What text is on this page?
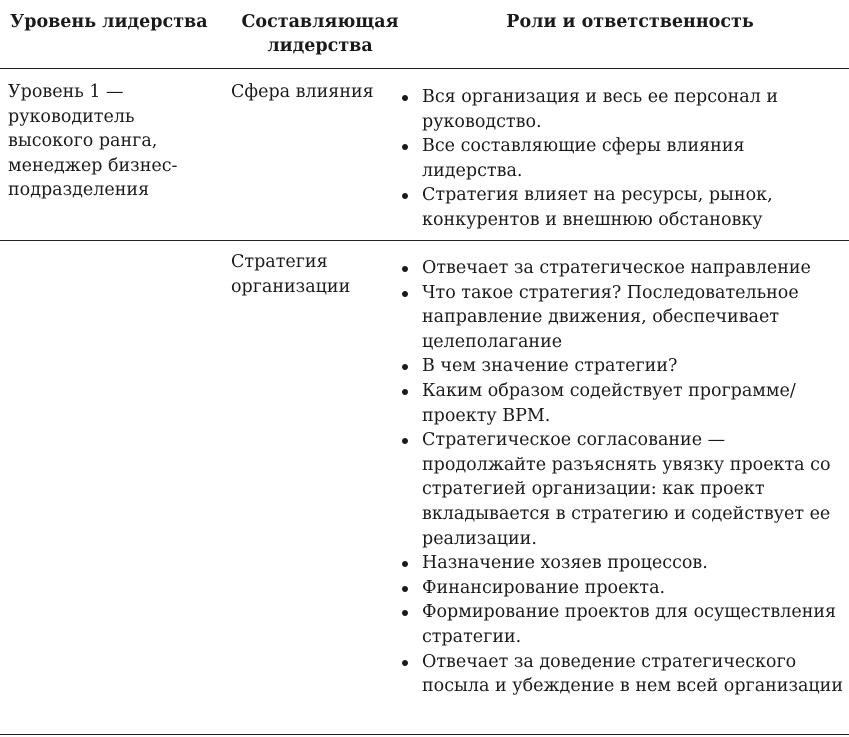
Уровень лидерства	Составляющая
лидерства
Роли и ответственность
Уровень 1 — руководитель высокого ранга, менеджер бизнес-подразделения
Сфера влияния	Вся организация и весь ее персонал и руководство.
Все составляющие сферы влияния лидерства.
Стратегия влияет на ресурсы, рынок, конкурентов и внешнюю обстановку
Стратегия организации
Отвечает за стратегическое направление
Что такое стратегия? Последовательное направление движения, обеспечивает целеполагание
В чем значение стратегии?
Каким образом содействует программе/проекту BPM.
Стратегическое согласование — продолжайте разъяснять увязку проекта со стратегией организации: как проект вкладывается в стратегию и содействует ее реализации.
Назначение хозяев процессов.
Финансирование проекта.
Формирование проектов для осуществления стратегии.
Отвечает за доведение стратегического посыла и убеждение в нем всей организации
